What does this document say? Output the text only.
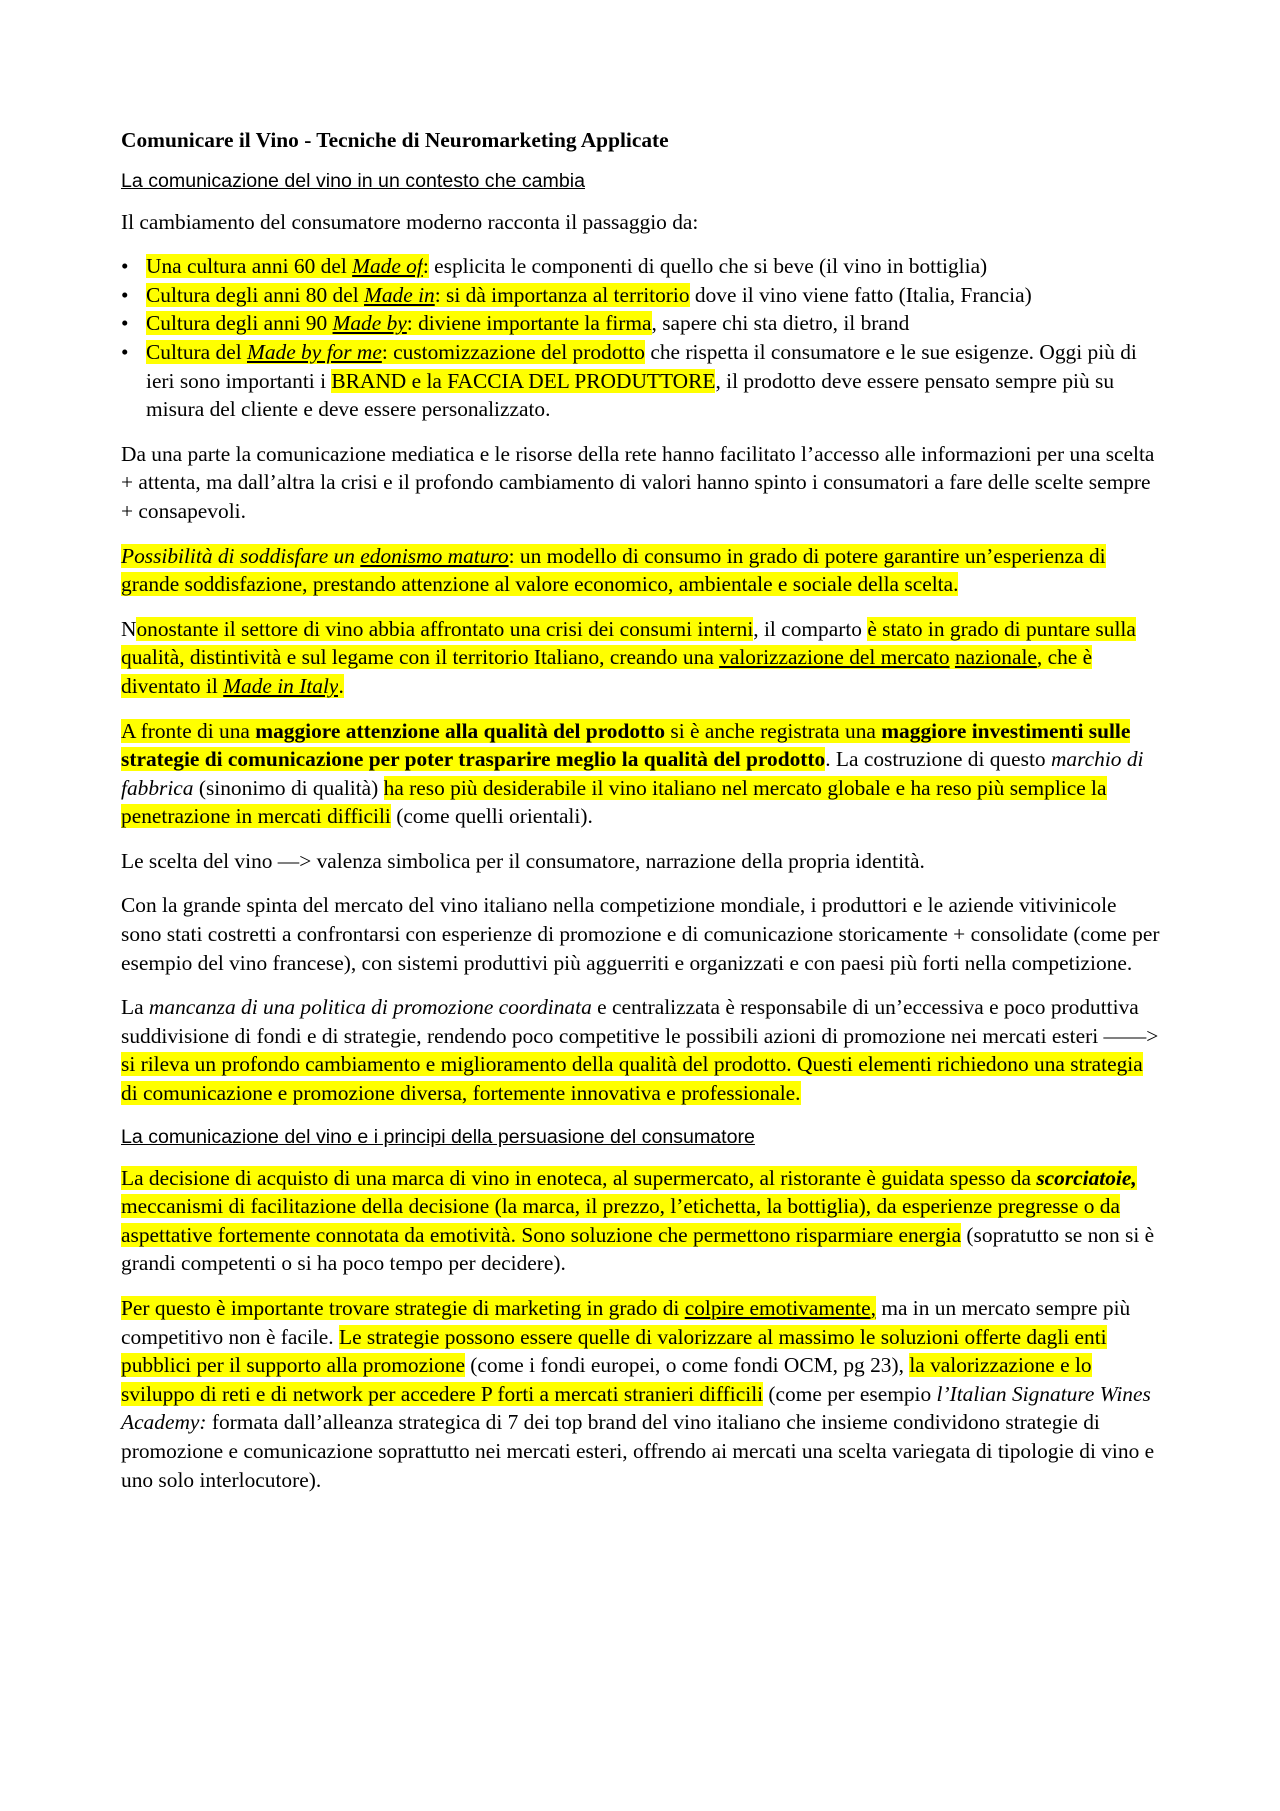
Comunicare il Vino - Tecniche di Neuromarketing Applicate
La comunicazione del vino in un contesto che cambia

Il cambiamento del consumatore moderno racconta il passaggio da:

• Una cultura anni 60 del Made of: esplicita le componenti di quello che si beve (il vino in bottiglia)
• Cultura degli anni 80 del Made in: si dà importanza al territorio dove il vino viene fatto (Italia, Francia)
• Cultura degli anni 90 Made by: diviene importante la firma, sapere chi sta dietro, il brand
• Cultura del Made by for me: customizzazione del prodotto che rispetta il consumatore e le sue esigenze. Oggi più di ieri sono importanti i BRAND e la FACCIA DEL PRODUTTORE, il prodotto deve essere pensato sempre più su misura del cliente e deve essere personalizzato.

Da una parte la comunicazione mediatica e le risorse della rete hanno facilitato l’accesso alle informazioni per una scelta + attenta, ma dall’altra la crisi e il profondo cambiamento di valori hanno spinto i consumatori a fare delle scelte sempre + consapevoli.

Possibilità di soddisfare un edonismo maturo: un modello di consumo in grado di potere garantire un’esperienza di grande soddisfazione, prestando attenzione al valore economico, ambientale e sociale della scelta.

Nonostante il settore di vino abbia affrontato una crisi dei consumi interni, il comparto è stato in grado di puntare sulla qualità, distintività e sul legame con il territorio Italiano, creando una valorizzazione del mercato nazionale, che è diventato il Made in Italy.

A fronte di una maggiore attenzione alla qualità del prodotto si è anche registrata una maggiore investimenti sulle strategie di comunicazione per poter trasparire meglio la qualità del prodotto. La costruzione di questo marchio di fabbrica (sinonimo di qualità) ha reso più desiderabile il vino italiano nel mercato globale e ha reso più semplice la penetrazione in mercati difficili (come quelli orientali).

Le scelta del vino —> valenza simbolica per il consumatore, narrazione della propria identità.

Con la grande spinta del mercato del vino italiano nella competizione mondiale, i produttori e le aziende vitivinicole sono stati costretti a confrontarsi con esperienze di promozione e di comunicazione storicamente + consolidate (come per esempio del vino francese), con sistemi produttivi più agguerriti e organizzati e con paesi più forti nella competizione.

La mancanza di una politica di promozione coordinata e centralizzata è responsabile di un’eccessiva e poco produttiva suddivisione di fondi e di strategie, rendendo poco competitive le possibili azioni di promozione nei mercati esteri ——> si rileva un profondo cambiamento e miglioramento della qualità del prodotto. Questi elementi richiedono una strategia di comunicazione e promozione diversa, fortemente innovativa e professionale.

La comunicazione del vino e i principi della persuasione del consumatore

La decisione di acquisto di una marca di vino in enoteca, al supermercato, al ristorante è guidata spesso da scorciatoie, meccanismi di facilitazione della decisione (la marca, il prezzo, l’etichetta, la bottiglia), da esperienze pregresse o da aspettative fortemente connotata da emotività. Sono soluzione che permettono risparmiare energia (sopratutto se non si è grandi competenti o si ha poco tempo per decidere).

Per questo è importante trovare strategie di marketing in grado di colpire emotivamente, ma in un mercato sempre più competitivo non è facile. Le strategie possono essere quelle di valorizzare al massimo le soluzioni offerte dagli enti pubblici per il supporto alla promozione (come i fondi europei, o come fondi OCM, pg 23), la valorizzazione e lo sviluppo di reti e di network per accedere P forti a mercati stranieri difficili (come per esempio l’Italian Signature Wines Academy: formata dall’alleanza strategica di 7 dei top brand del vino italiano che insieme condividono strategie di promozione e comunicazione soprattutto nei mercati esteri, offrendo ai mercati una scelta variegata di tipologie di vino e uno solo interlocutore).
